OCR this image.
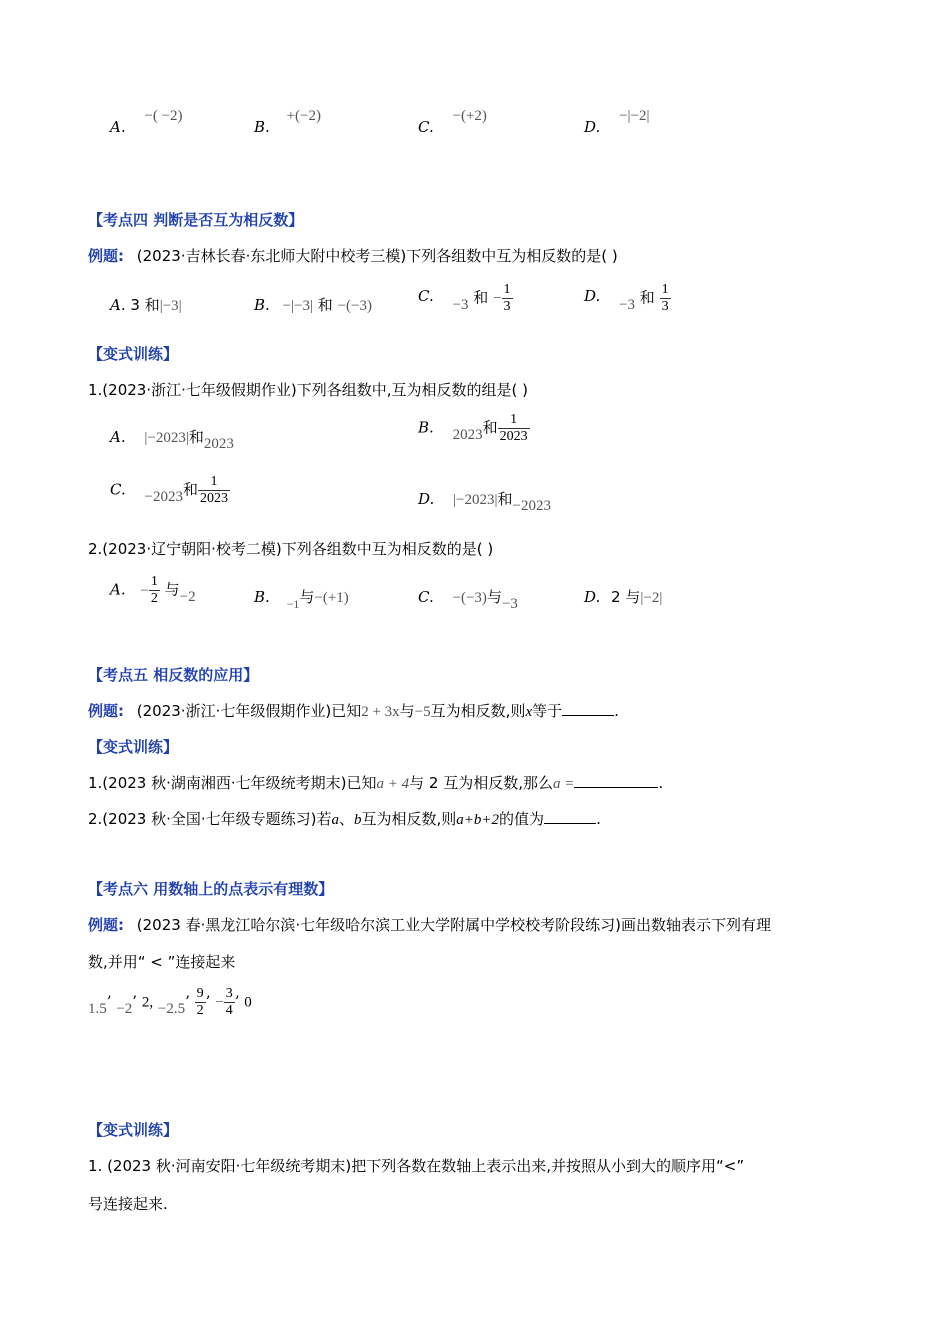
A. −( −2)
B. +(−2)
C. −(+2)
D. −|−2|
【考点四 判断是否互为相反数】
例题: (2023·吉林长春·东北师大附中校考三模)下列各组数中互为相反数的是( )
A. 3 和|−3|	B. −|−3| 和 −(−3)
C. −3 和 − $\frac{1}{3}$	D. −3 和 $\frac{1}{3}$
【变式训练】
1.(2023·浙江·七年级假期作业)下列各组数中,互为相反数的组是( )
A. |−2023|和2023
B. 2023和 $\frac{1}{2023}$
C. −2023和 $\frac{1}{2023}$	D. |−2023|和−2023
2.(2023·辽宁朝阳·校考二模)下列各组数中互为相反数的是( )
A. − $\frac{1}{2}$ 与−2	B. $_{-1}$与−(+1)	C. −(−3)与−3	D. 2 与|−2|
【考点五 相反数的应用】
例题: (2023·浙江·七年级假期作业)已知2 + 3x与−5互为相反数,则x等于	.
【变式训练】
1.(2023 秋·湖南湘西·七年级统考期末)已知a + 4与 2 互为相反数,那么a =	.
2.(2023 秋·全国·七年级专题练习)若a、b互为相反数,则a+b+2的值为	.
【考点六 用数轴上的点表示有理数】
例题: (2023 春·黑龙江哈尔滨·七年级哈尔滨工业大学附属中学校校考阶段练习)画出数轴表示下列有理
数,并用“ < ”连接起来
1.5’ −2’ 2, −2.5’ $\frac{9}{2}$ ’ − $\frac{3}{4}$ ’ 0
【变式训练】
1. (2023 秋·河南安阳·七年级统考期末)把下列各数在数轴上表示出来,并按照从小到大的顺序用“<”
号连接起来.
